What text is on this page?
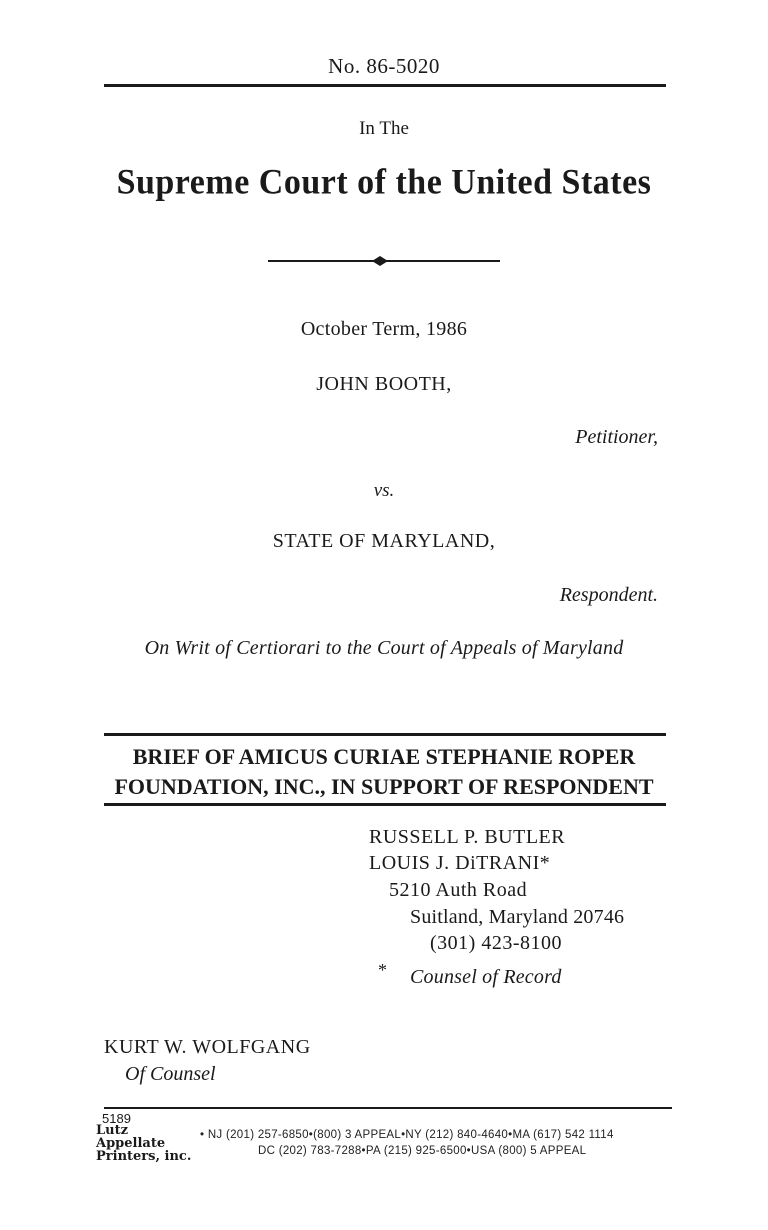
No. 86-5020
In The
Supreme Court of the United States
October Term, 1986
JOHN BOOTH,
Petitioner,
vs.
STATE OF MARYLAND,
Respondent.
On Writ of Certiorari to the Court of Appeals of Maryland
BRIEF OF AMICUS CURIAE STEPHANIE ROPER
FOUNDATION, INC., IN SUPPORT OF RESPONDENT
RUSSELL P. BUTLER
LOUIS J. DiTRANI*
5210 Auth Road
Suitland, Maryland 20746
(301) 423-8100
* Counsel of Record
KURT W. WOLFGANG
Of Counsel
5189
Lutz Appellate Printers, inc.
• NJ (201) 257-6850•(800) 3 APPEAL•NY (212) 840-4640•MA (617) 542 1114
DC (202) 783-7288•PA (215) 925-6500•USA (800) 5 APPEAL
